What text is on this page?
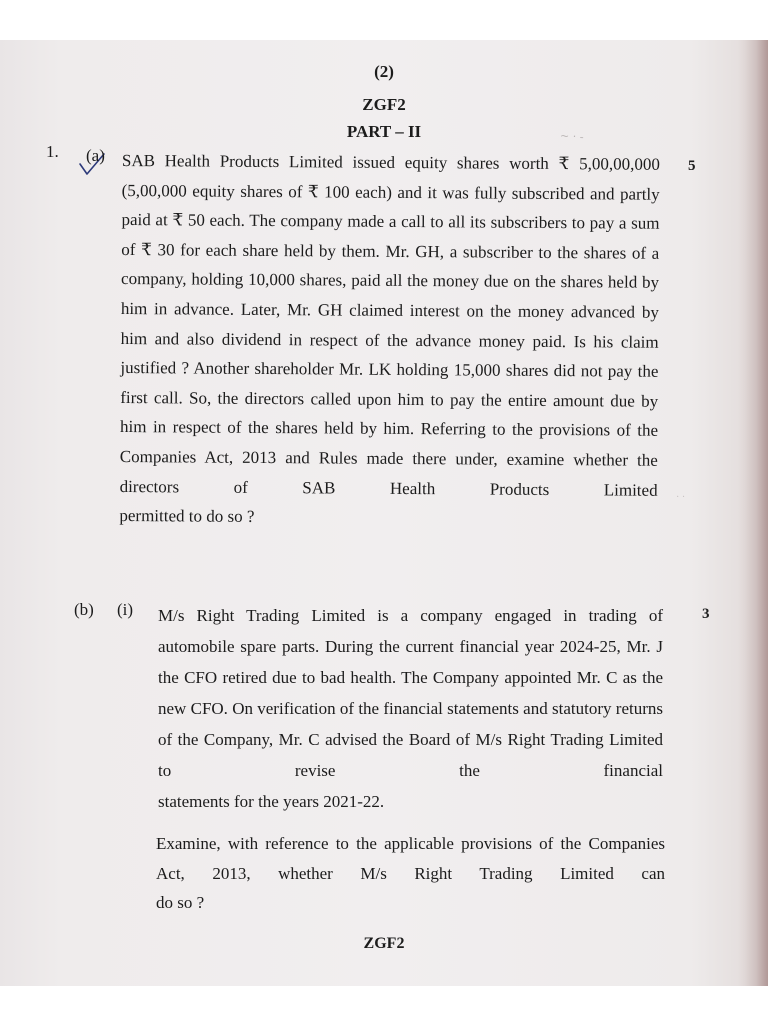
(2)
ZGF2
PART – II	~ · -
· ·
1. (a) SAB Health Products Limited issued equity shares worth ₹ 5,00,00,000 (5,00,000 equity shares of ₹ 100 each) and it was fully subscribed and partly paid at ₹ 50 each. The company made a call to all its subscribers to pay a sum of ₹ 30 for each share held by them. Mr. GH, a subscriber to the shares of a company, holding 10,000 shares, paid all the money due on the shares held by him in advance. Later, Mr. GH claimed interest on the money advanced by him and also dividend in respect of the advance money paid. Is his claim justified ? Another shareholder Mr. LK holding 15,000 shares did not pay the first call. So, the directors called upon him to pay the entire amount due by him in respect of the shares held by him. Referring to the provisions of the Companies Act, 2013 and Rules made there under, examine whether the directors of SAB Health Products Limited
permitted to do so ?
5
(b) (i) M/s Right Trading Limited is a company engaged in trading of automobile spare parts. During the current financial year 2024-25, Mr. J the CFO retired due to bad health. The Company appointed Mr. C as the new CFO. On verification of the financial statements and statutory returns of the Company, Mr. C advised the Board of M/s Right Trading Limited to revise the financial
statements for the years 2021-22.
3
Examine, with reference to the applicable provisions of the Companies Act, 2013, whether M/s Right Trading Limited can
do so ?
ZGF2
